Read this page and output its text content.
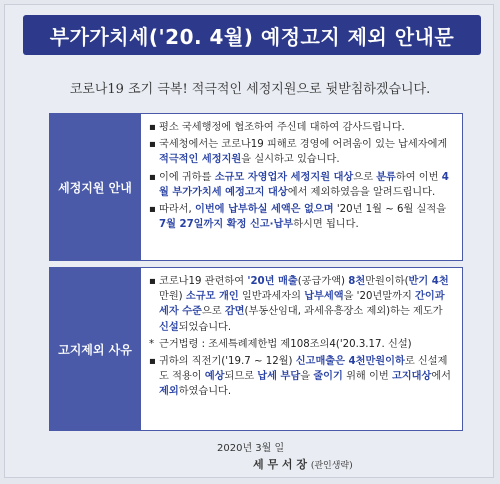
부가가치세('20. 4월) 예정고지 제외 안내문
코로나19 조기 극복! 적극적인 세정지원으로 뒷받침하겠습니다.
세정지원 안내
▪ 평소 국세행정에 협조하여 주신데 대하여 감사드립니다.
▪ 국세청에서는 코로나19 피해로 경영에 어려움이 있는 납세자에게 적극적인 세정지원을 실시하고 있습니다.
▪ 이에 귀하를 소규모 자영업자 세정지원 대상으로 분류하여 이번 4월 부가가치세 예정고지 대상에서 제외하였음을 알려드립니다.
▪ 따라서, 이번에 납부하실 세액은 없으며 '20년 1월 ~ 6월 실적을 7월 27일까지 확정 신고·납부하시면 됩니다.
고지제외 사유
▪ 코로나19 관련하여 '20년 매출(공급가액) 8천만원이하(반기 4천만원) 소규모 개인 일반과세자의 납부세액을 '20년말까지 간이과세자 수준으로 감면(부동산임대, 과세유흥장소 제외)하는 제도가 신설되었습니다.
* 근거법령 : 조세특례제한법 제108조의4('20.3.17. 신설)
▪ 귀하의 직전기('19.7 ~ 12월) 신고매출은 4천만원이하로 신설제도 적용이 예상되므로 납세 부담을 줄이기 위해 이번 고지대상에서 제외하였습니다.
2020년 3월 일
세 무 서 장 (관인생략)
